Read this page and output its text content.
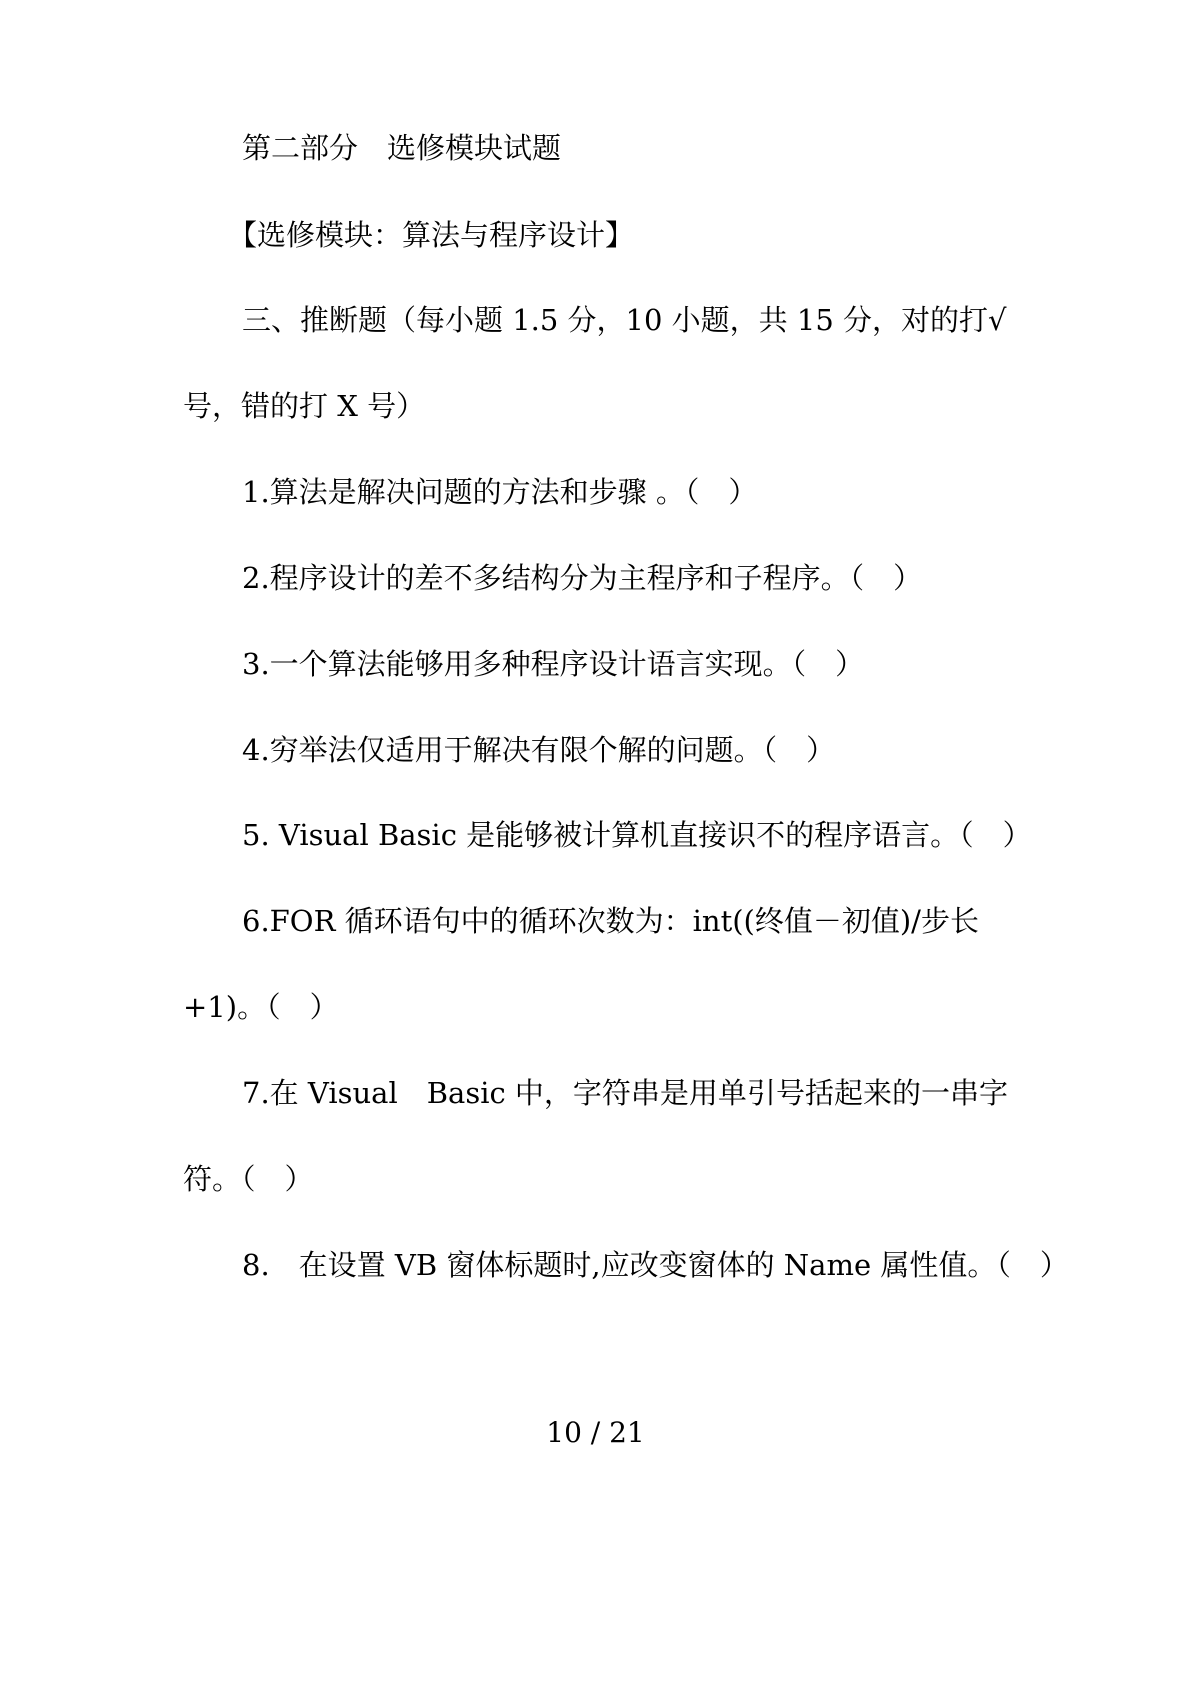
第二部分　选修模块试题
【选修模块：算法与程序设计】
三、推断题（每小题 1.5 分，10 小题，共 15 分，对的打√
号，错的打 X 号）
1.算法是解决问题的方法和步骤 。（　）
2.程序设计的差不多结构分为主程序和子程序。（　）
3.一个算法能够用多种程序设计语言实现。（　）
4.穷举法仅适用于解决有限个解的问题。（　）
5. Visual Basic 是能够被计算机直接识不的程序语言。（　）
6.FOR 循环语句中的循环次数为：int((终值－初值)/步长
+1)。（　）
7.在 Visual　Basic 中，字符串是用单引号括起来的一串字
符。（　）
8.　在设置 VB 窗体标题时,应改变窗体的 Name 属性值。（　）
10 / 21
